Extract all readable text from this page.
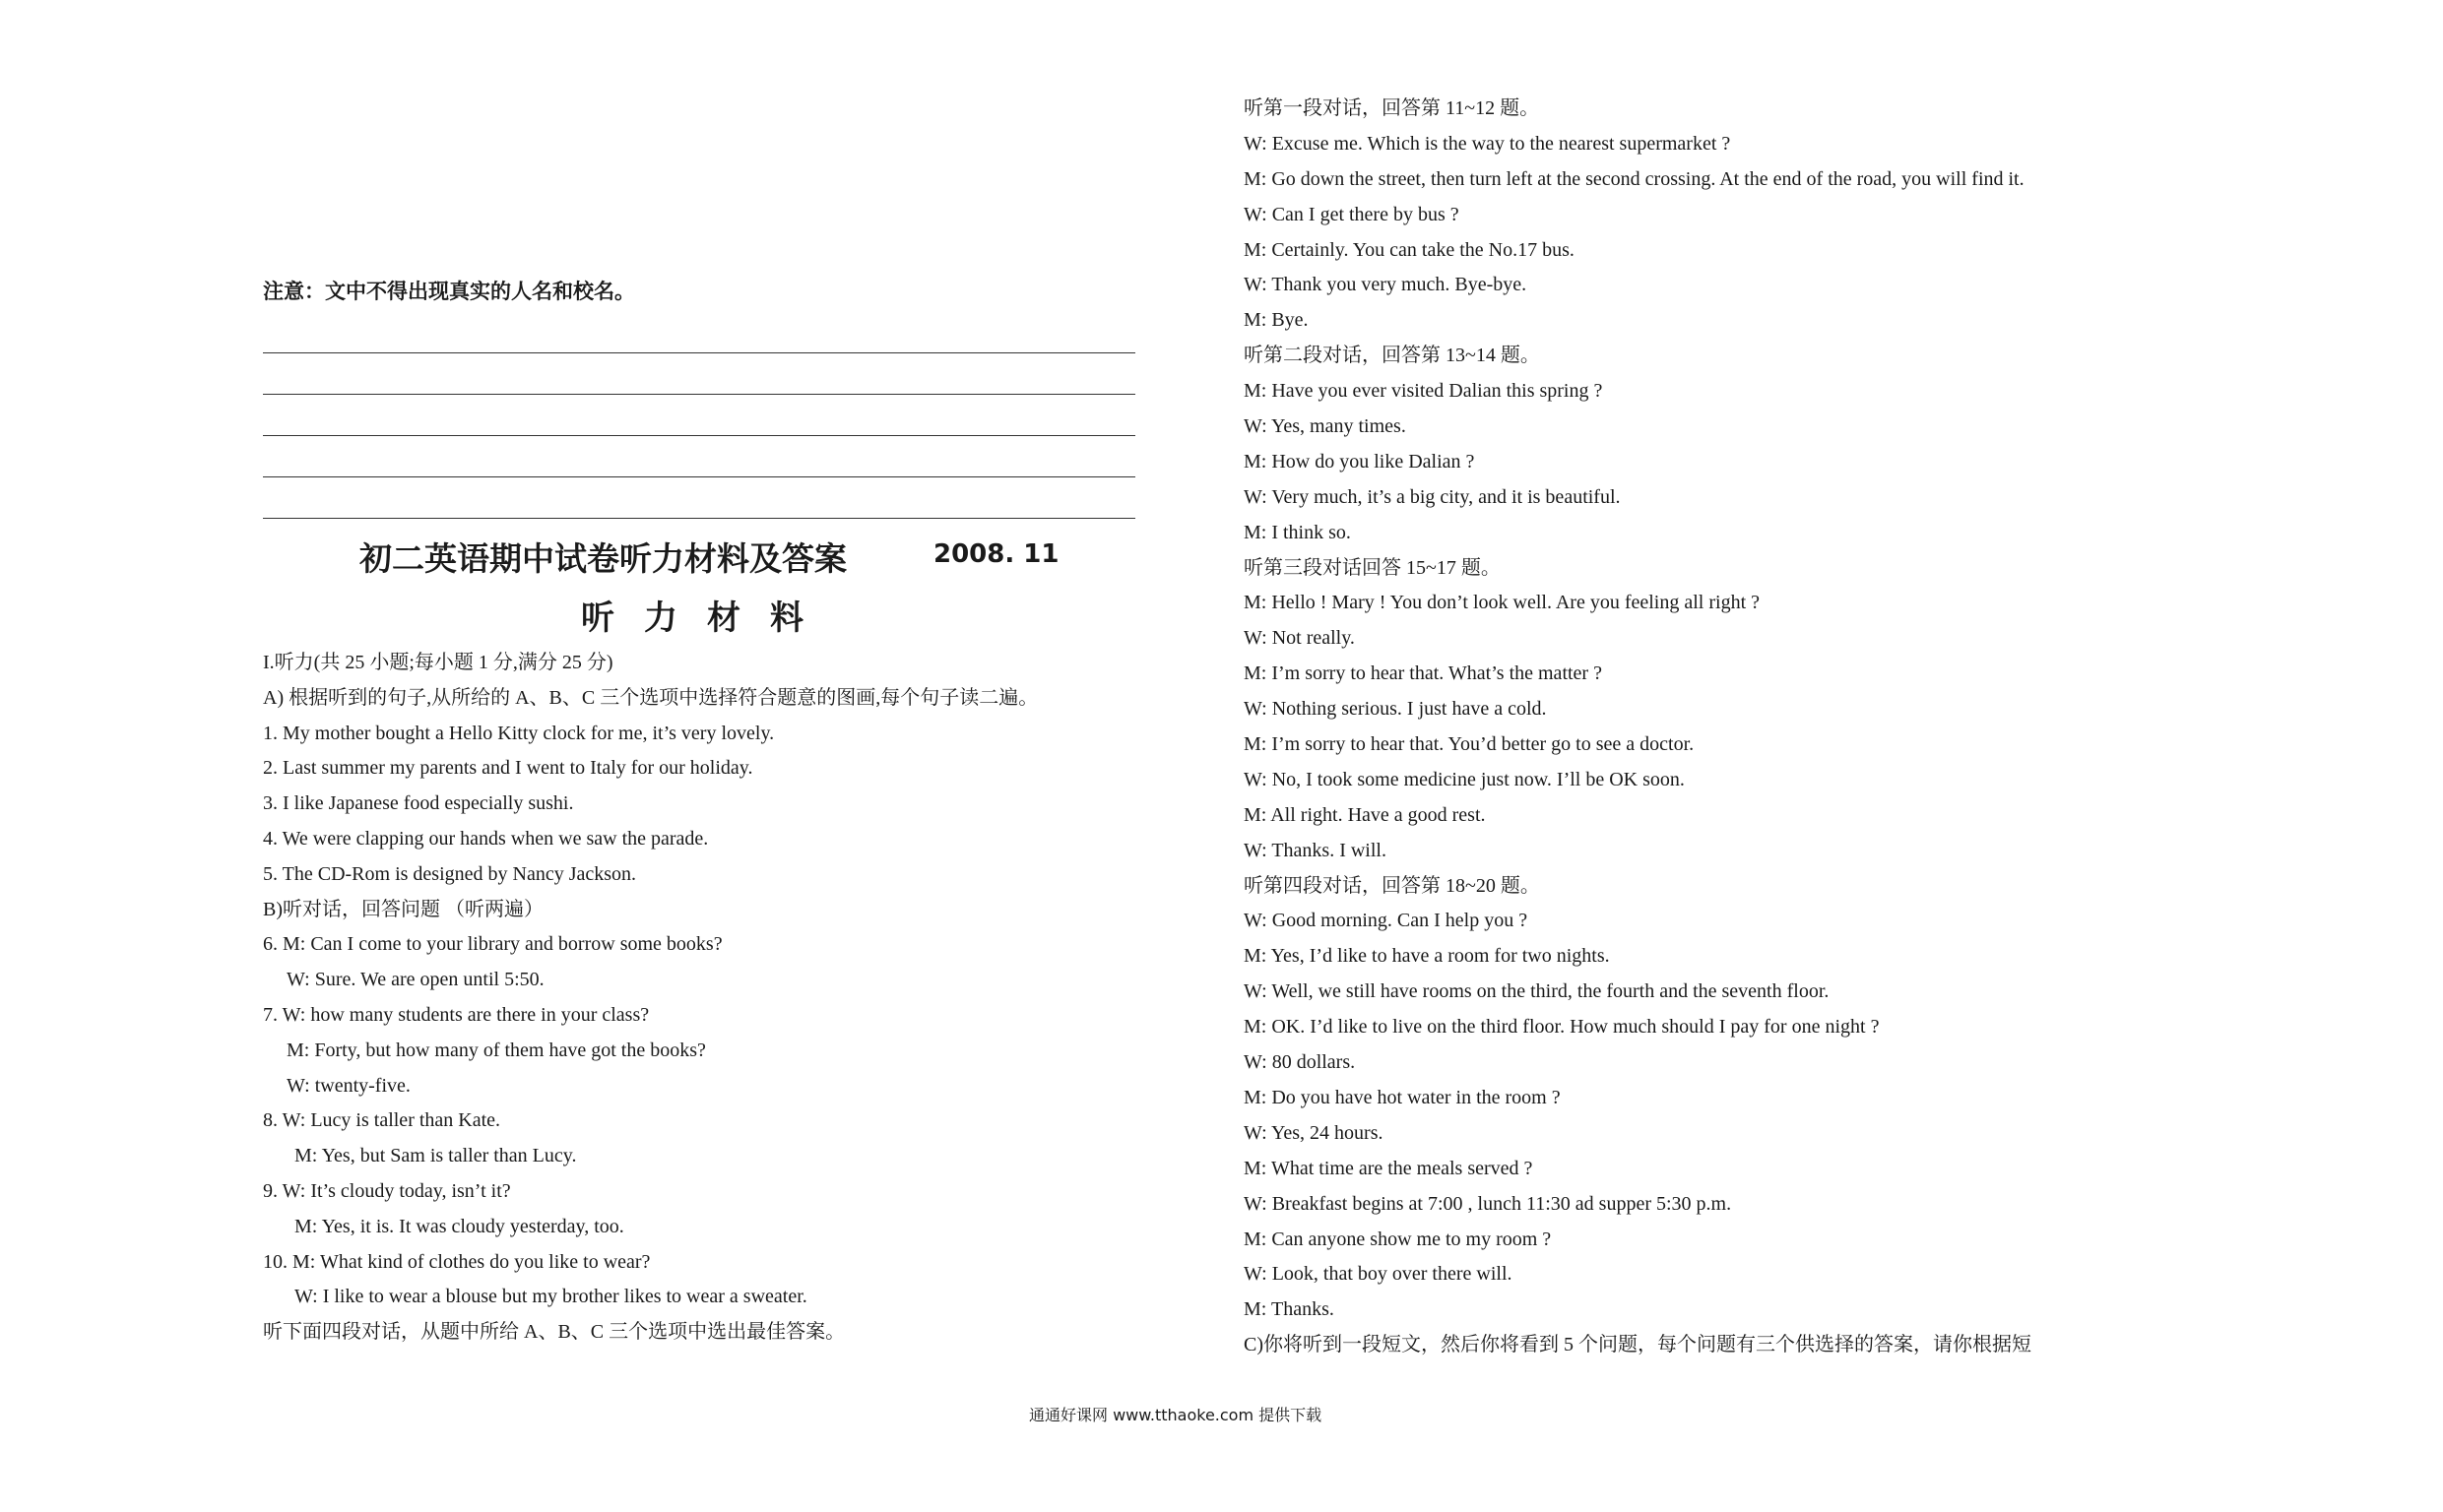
注意：文中不得出现真实的人名和校名。
初二英语期中试卷听力材料及答案	2008. 11
听力材料
I.听力(共 25 小题;每小题 1 分,满分 25 分)
A) 根据听到的句子,从所给的 A、B、C 三个选项中选择符合题意的图画,每个句子读二遍。
1. My mother bought a Hello Kitty clock for me, it’s very lovely.
2. Last summer my parents and I went to Italy for our holiday.
3. I like Japanese food especially sushi.
4. We were clapping our hands when we saw the parade.
5. The CD-Rom is designed by Nancy Jackson.
B)听对话，回答问题 （听两遍）
6. M: Can I come to your library and borrow some books?
W: Sure. We are open until 5:50.
7. W: how many students are there in your class?
M: Forty, but how many of them have got the books?
W: twenty-five.
8. W: Lucy is taller than Kate.
M: Yes, but Sam is taller than Lucy.
9. W: It’s cloudy today, isn’t it?
M: Yes, it is. It was cloudy yesterday, too.
10. M: What kind of clothes do you like to wear?
W: I like to wear a blouse but my brother likes to wear a sweater.
听下面四段对话，从题中所给 A、B、C 三个选项中选出最佳答案。
听第一段对话，回答第 11~12 题。
W: Excuse me. Which is the way to the nearest supermarket ?
M: Go down the street, then turn left at the second crossing. At the end of the road, you will find it.
W: Can I get there by bus ?
M: Certainly. You can take the No.17 bus.
W: Thank you very much. Bye-bye.
M: Bye.
听第二段对话，回答第 13~14 题。
M: Have you ever visited Dalian this spring ?
W: Yes, many times.
M: How do you like Dalian ?
W: Very much, it’s a big city, and it is beautiful.
M: I think so.
听第三段对话回答 15~17 题。
M: Hello ! Mary ! You don’t look well. Are you feeling all right ?
W: Not really.
M: I’m sorry to hear that. What’s the matter ?
W: Nothing serious. I just have a cold.
M: I’m sorry to hear that. You’d better go to see a doctor.
W: No, I took some medicine just now. I’ll be OK soon.
M: All right. Have a good rest.
W: Thanks. I will.
听第四段对话，回答第 18~20 题。
W: Good morning. Can I help you ?
M: Yes, I’d like to have a room for two nights.
W: Well, we still have rooms on the third, the fourth and the seventh floor.
M: OK. I’d like to live on the third floor. How much should I pay for one night ?
W: 80 dollars.
M: Do you have hot water in the room ?
W: Yes, 24 hours.
M: What time are the meals served ?
W: Breakfast begins at 7:00 , lunch 11:30 ad supper 5:30 p.m.
M: Can anyone show me to my room ?
W: Look, that boy over there will.
M: Thanks.
C)你将听到一段短文，然后你将看到 5 个问题，每个问题有三个供选择的答案，请你根据短
通通好课网 www.tthaoke.com 提供下载
